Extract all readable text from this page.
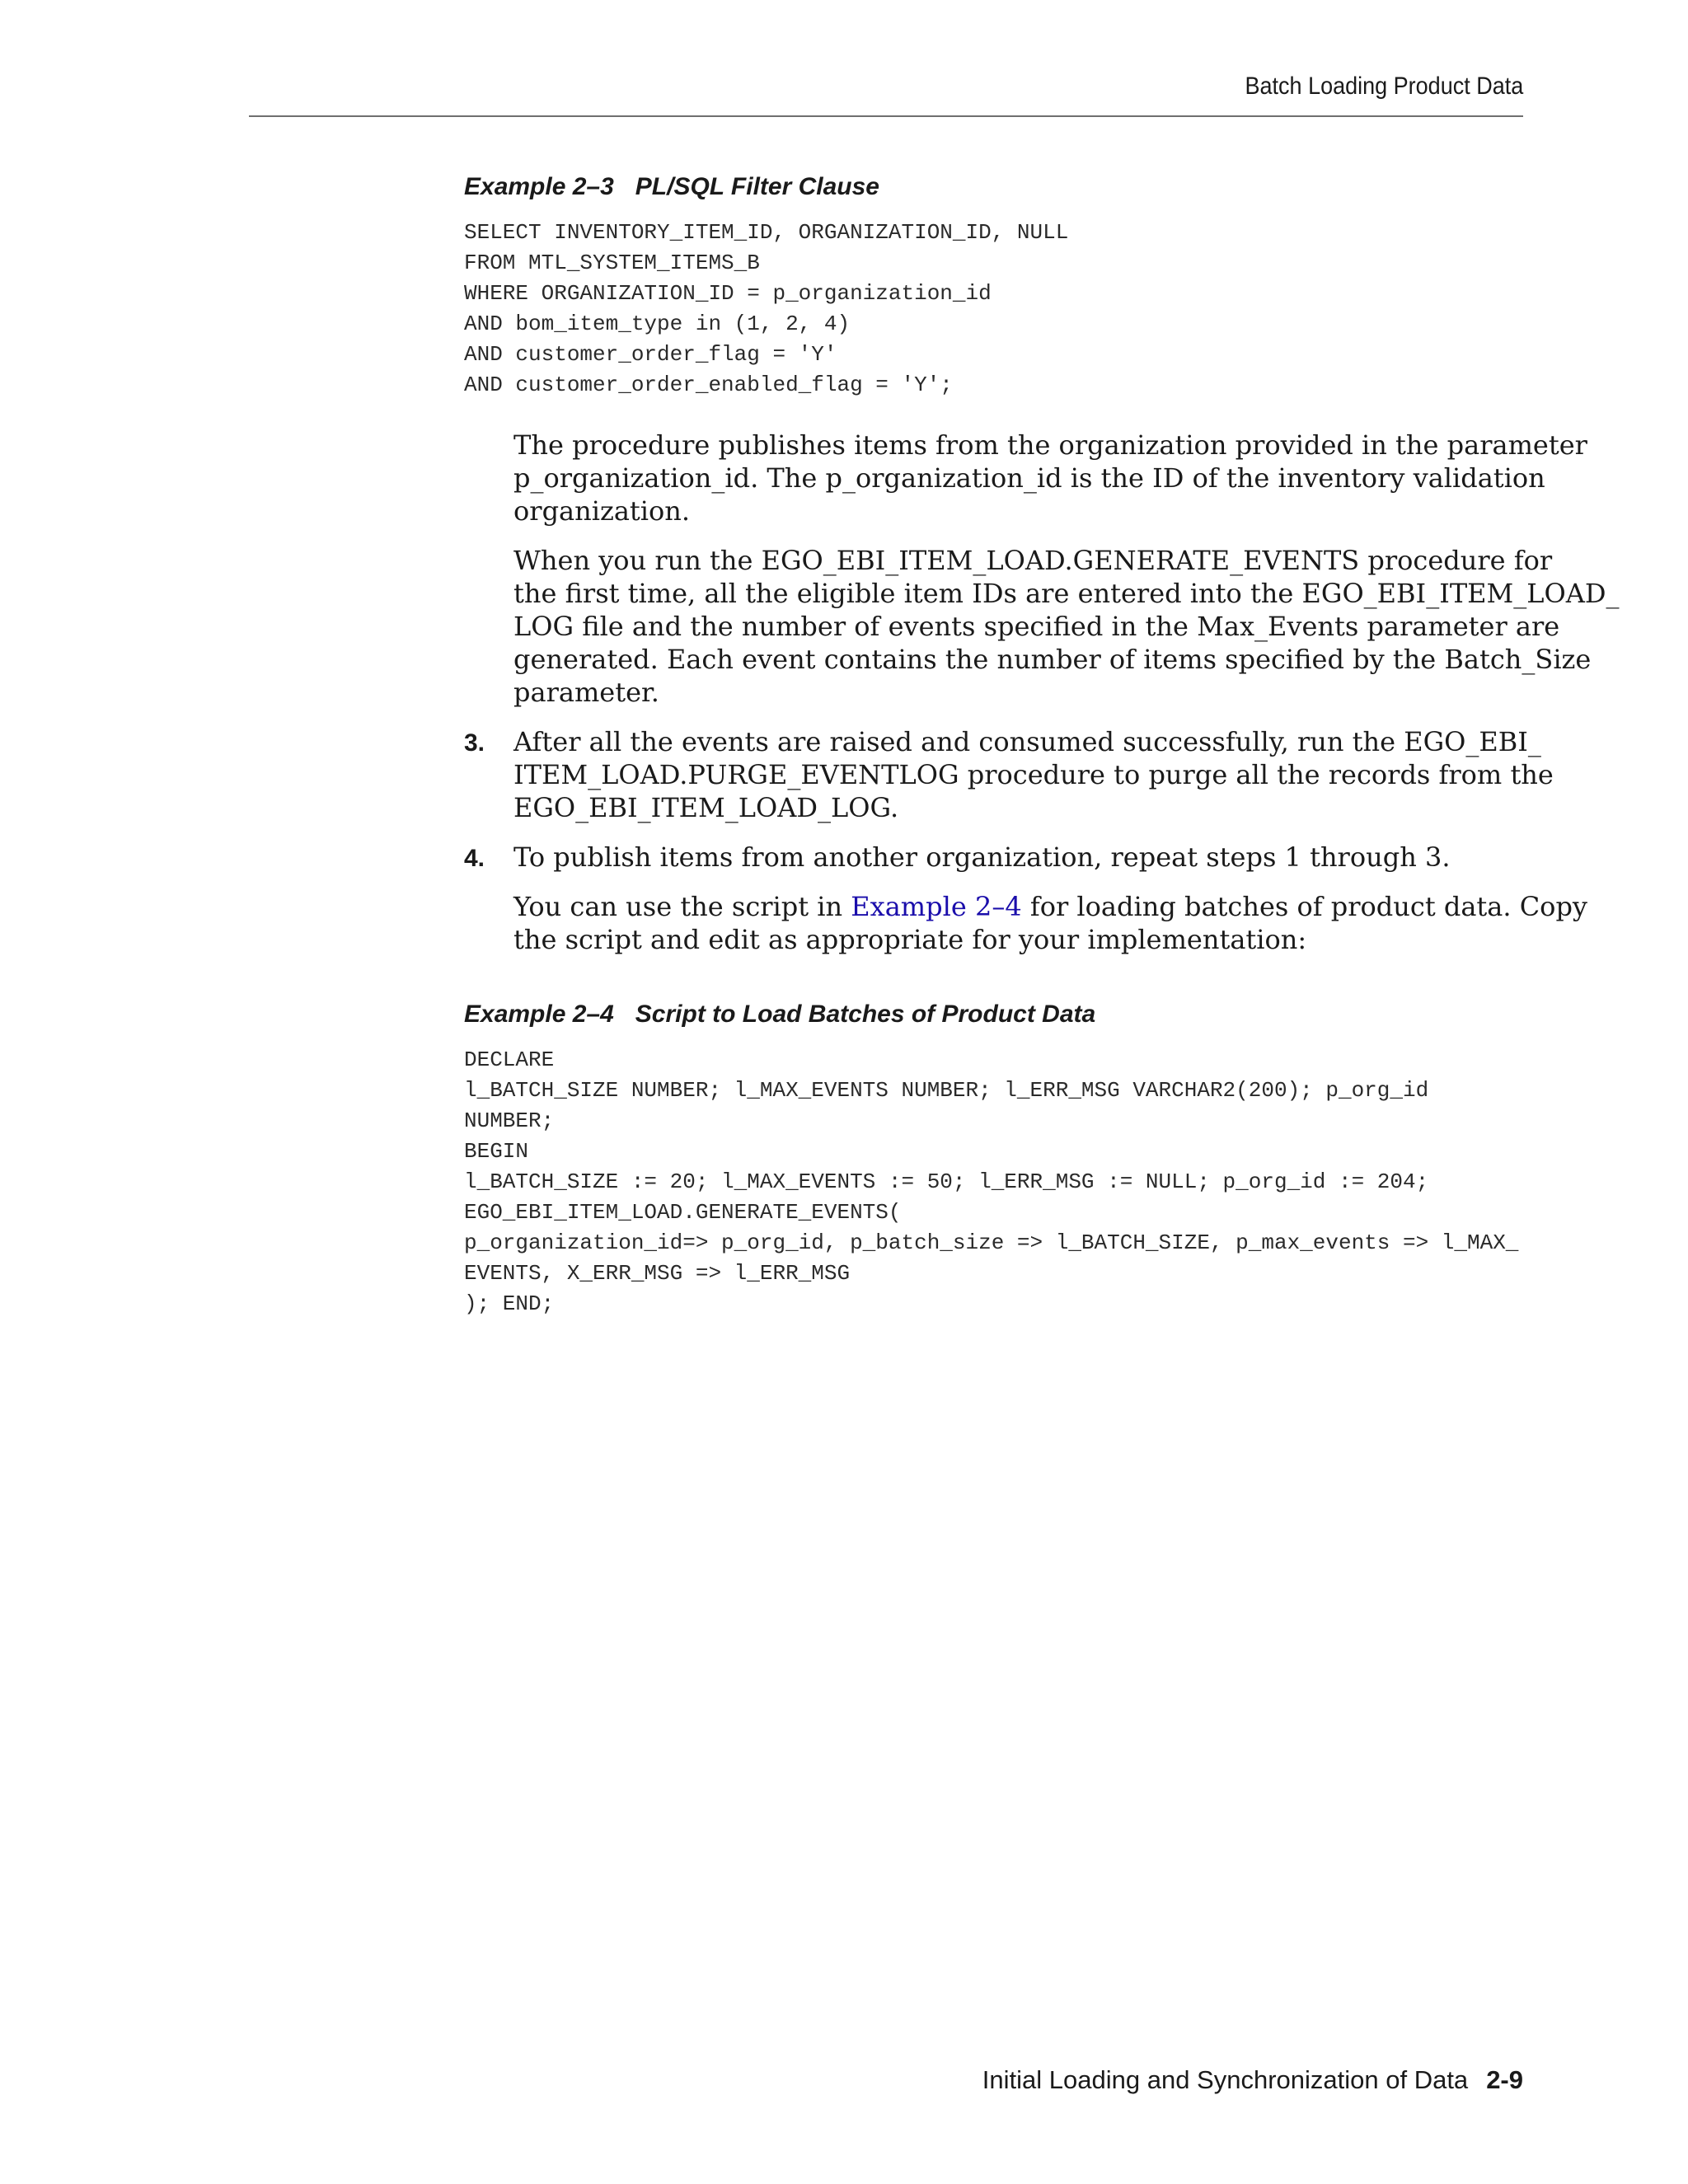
Batch Loading Product Data
Example 2–3 PL/SQL Filter Clause
SELECT INVENTORY_ITEM_ID, ORGANIZATION_ID, NULL
FROM MTL_SYSTEM_ITEMS_B
WHERE ORGANIZATION_ID = p_organization_id
AND bom_item_type in (1, 2, 4)
AND customer_order_flag = 'Y'
AND customer_order_enabled_flag = 'Y';
The procedure publishes items from the organization provided in the parameter
p_organization_id. The p_organization_id is the ID of the inventory validation
organization.
When you run the EGO_EBI_ITEM_LOAD.GENERATE_EVENTS procedure for
the first time, all the eligible item IDs are entered into the EGO_EBI_ITEM_LOAD_
LOG file and the number of events specified in the Max_Events parameter are
generated. Each event contains the number of items specified by the Batch_Size
parameter.
3. After all the events are raised and consumed successfully, run the EGO_EBI_
ITEM_LOAD.PURGE_EVENTLOG procedure to purge all the records from the
EGO_EBI_ITEM_LOAD_LOG.
4. To publish items from another organization, repeat steps 1 through 3.
You can use the script in Example 2–4 for loading batches of product data. Copy
the script and edit as appropriate for your implementation:
Example 2–4 Script to Load Batches of Product Data
DECLARE
l_BATCH_SIZE NUMBER; l_MAX_EVENTS NUMBER; l_ERR_MSG VARCHAR2(200); p_org_id
NUMBER;
BEGIN
l_BATCH_SIZE := 20; l_MAX_EVENTS := 50; l_ERR_MSG := NULL; p_org_id := 204;
EGO_EBI_ITEM_LOAD.GENERATE_EVENTS(
p_organization_id=> p_org_id, p_batch_size => l_BATCH_SIZE, p_max_events => l_MAX_
EVENTS, X_ERR_MSG => l_ERR_MSG
); END;
Initial Loading and Synchronization of Data 2-9
